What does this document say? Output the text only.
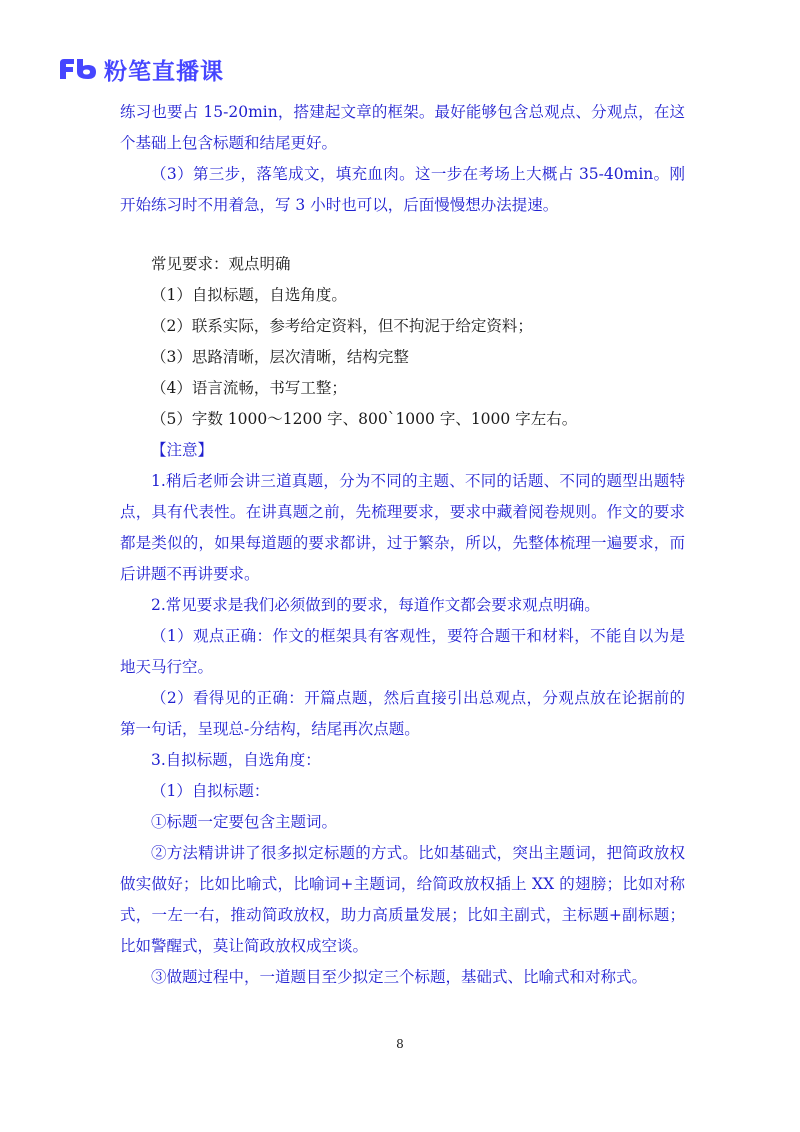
粉笔直播课

练习也要占 15-20min，搭建起文章的框架。最好能够包含总观点、分观点，在这个基础上包含标题和结尾更好。

（3）第三步，落笔成文，填充血肉。这一步在考场上大概占 35-40min。刚开始练习时不用着急，写 3 小时也可以，后面慢慢想办法提速。

常见要求：观点明确

（1）自拟标题，自选角度。

（2）联系实际，参考给定资料，但不拘泥于给定资料；

（3）思路清晰，层次清晰，结构完整

（4）语言流畅，书写工整；

（5）字数 1000～1200 字、800`1000 字、1000 字左右。

【注意】

1.稍后老师会讲三道真题，分为不同的主题、不同的话题、不同的题型出题特点，具有代表性。在讲真题之前，先梳理要求，要求中藏着阅卷规则。作文的要求都是类似的，如果每道题的要求都讲，过于繁杂，所以，先整体梳理一遍要求，而后讲题不再讲要求。

2.常见要求是我们必须做到的要求，每道作文都会要求观点明确。

（1）观点正确：作文的框架具有客观性，要符合题干和材料，不能自以为是地天马行空。

（2）看得见的正确：开篇点题，然后直接引出总观点，分观点放在论据前的第一句话，呈现总-分结构，结尾再次点题。

3.自拟标题，自选角度：

（1）自拟标题：

①标题一定要包含主题词。

②方法精讲讲了很多拟定标题的方式。比如基础式，突出主题词，把简政放权做实做好；比如比喻式，比喻词+主题词，给简政放权插上 XX 的翅膀；比如对称式，一左一右，推动简政放权，助力高质量发展；比如主副式，主标题+副标题；比如警醒式，莫让简政放权成空谈。

③做题过程中，一道题目至少拟定三个标题，基础式、比喻式和对称式。

8
